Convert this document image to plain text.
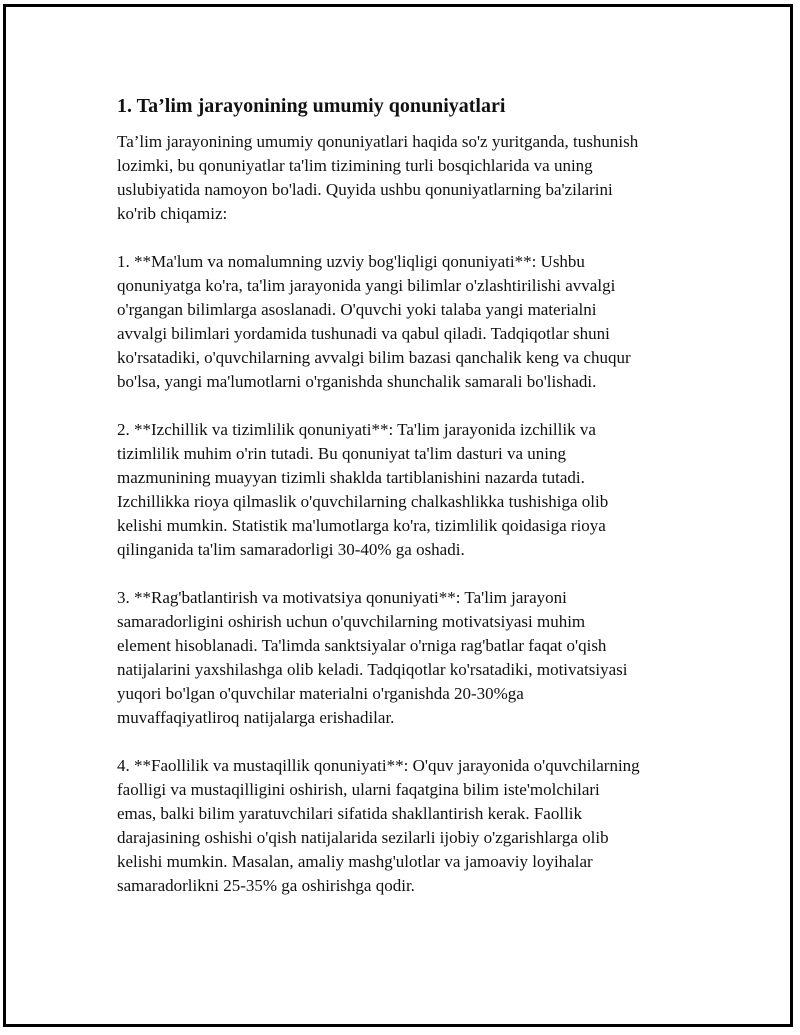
1. Ta’lim jarayonining umumiy qonuniyatlari

Ta’lim jarayonining umumiy qonuniyatlari haqida so'z yuritganda, tushunish
lozimki, bu qonuniyatlar ta'lim tizimining turli bosqichlarida va uning
uslubiyatida namoyon bo'ladi. Quyida ushbu qonuniyatlarning ba'zilarini
ko'rib chiqamiz:

1. **Ma'lum va nomalumning uzviy bog'liqligi qonuniyati**: Ushbu
qonuniyatga ko'ra, ta'lim jarayonida yangi bilimlar o'zlashtirilishi avvalgi
o'rgangan bilimlarga asoslanadi. O'quvchi yoki talaba yangi materialni
avvalgi bilimlari yordamida tushunadi va qabul qiladi. Tadqiqotlar shuni
ko'rsatadiki, o'quvchilarning avvalgi bilim bazasi qanchalik keng va chuqur
bo'lsa, yangi ma'lumotlarni o'rganishda shunchalik samarali bo'lishadi.

2. **Izchillik va tizimlilik qonuniyati**: Ta'lim jarayonida izchillik va
tizimlilik muhim o'rin tutadi. Bu qonuniyat ta'lim dasturi va uning
mazmunining muayyan tizimli shaklda tartiblanishini nazarda tutadi.
Izchillikka rioya qilmaslik o'quvchilarning chalkashlikka tushishiga olib
kelishi mumkin. Statistik ma'lumotlarga ko'ra, tizimlilik qoidasiga rioya
qilinganida ta'lim samaradorligi 30-40% ga oshadi.

3. **Rag'batlantirish va motivatsiya qonuniyati**: Ta'lim jarayoni
samaradorligini oshirish uchun o'quvchilarning motivatsiyasi muhim
element hisoblanadi. Ta'limda sanktsiyalar o'rniga rag'batlar faqat o'qish
natijalarini yaxshilashga olib keladi. Tadqiqotlar ko'rsatadiki, motivatsiyasi
yuqori bo'lgan o'quvchilar materialni o'rganishda 20-30%ga
muvaffaqiyatliroq natijalarga erishadilar.

4. **Faollilik va mustaqillik qonuniyati**: O'quv jarayonida o'quvchilarning
faolligi va mustaqilligini oshirish, ularni faqatgina bilim iste'molchilari
emas, balki bilim yaratuvchilari sifatida shakllantirish kerak. Faollik
darajasining oshishi o'qish natijalarida sezilarli ijobiy o'zgarishlarga olib
kelishi mumkin. Masalan, amaliy mashg'ulotlar va jamoaviy loyihalar
samaradorlikni 25-35% ga oshirishga qodir.
